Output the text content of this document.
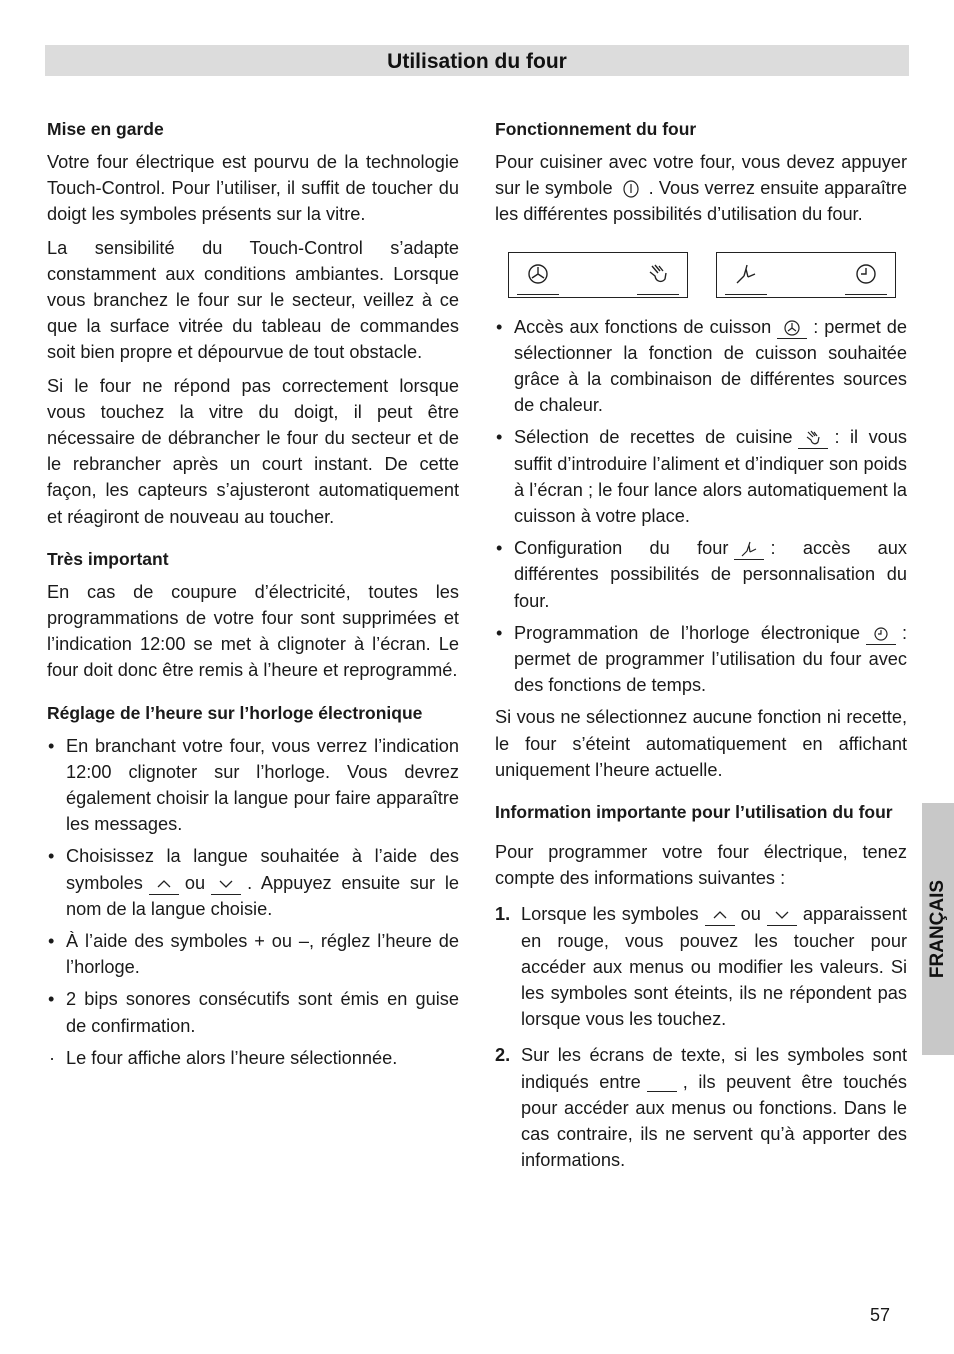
Utilisation du four
Mise en garde

Votre four électrique est pourvu de la technologie Touch-Control. Pour l’utiliser, il suffit de toucher du doigt les symboles présents sur la vitre.

La sensibilité du Touch-Control s’adapte constamment aux conditions ambiantes. Lorsque vous branchez le four sur le secteur, veillez à ce que la surface vitrée du tableau de commandes soit bien propre et dépourvue de tout obstacle.

Si le four ne répond pas correctement lorsque vous touchez la vitre du doigt, il peut être nécessaire de débrancher le four du secteur et de le rebrancher après un court instant. De cette façon, les capteurs s’ajusteront automatiquement et réagiront de nouveau au toucher.

Très important

En cas de coupure d’électricité, toutes les programmations de votre four sont supprimées et l’indication 12:00 se met à clignoter à l’écran. Le four doit donc être remis à l’heure et reprogrammé.

Réglage de l’heure sur l’horloge électronique
• En branchant votre four, vous verrez l’indication 12:00 clignoter sur l’horloge. Vous devrez également choisir la langue pour faire apparaître les messages.
• Choisissez la langue souhaitée à l’aide des symboles ou . Appuyez ensuite sur le nom de la langue choisie.
• À l’aide des symboles + ou –, réglez l’heure de l’horloge.
• 2 bips sonores consécutifs sont émis en guise de confirmation.
· Le four affiche alors l’heure sélectionnée.
Fonctionnement du four

Pour cuisiner avec votre four, vous devez appuyer sur le symbole . Vous verrez ensuite apparaître les différentes possibilités d’utilisation du four.

• Accès aux fonctions de cuisson : permet de sélectionner la fonction de cuisson souhaitée grâce à la combinaison de différentes sources de chaleur.
• Sélection de recettes de cuisine : il vous suffit d’introduire l’aliment et d’indiquer son poids à l’écran ; le four lance alors automatiquement la cuisson à votre place.
• Configuration du four : accès aux différentes possibilités de personnalisation du four.
• Programmation de l’horloge électronique : permet de programmer l’utilisation du four avec des fonctions de temps.

Si vous ne sélectionnez aucune fonction ni recette, le four s’éteint automatiquement en affichant uniquement l’heure actuelle.

Information importante pour l’utilisation du four

Pour programmer votre four électrique, tenez compte des informations suivantes :

1. Lorsque les symboles ou apparaissent en rouge, vous pouvez les toucher pour accéder aux menus ou modifier les valeurs. Si les symboles sont éteints, ils ne répondent pas lorsque vous les touchez.
2. Sur les écrans de texte, si les symboles sont indiqués entre , ils peuvent être touchés pour accéder aux menus ou fonctions. Dans le cas contraire, ils ne servent qu’à apporter des informations.
FRANÇAIS
57
